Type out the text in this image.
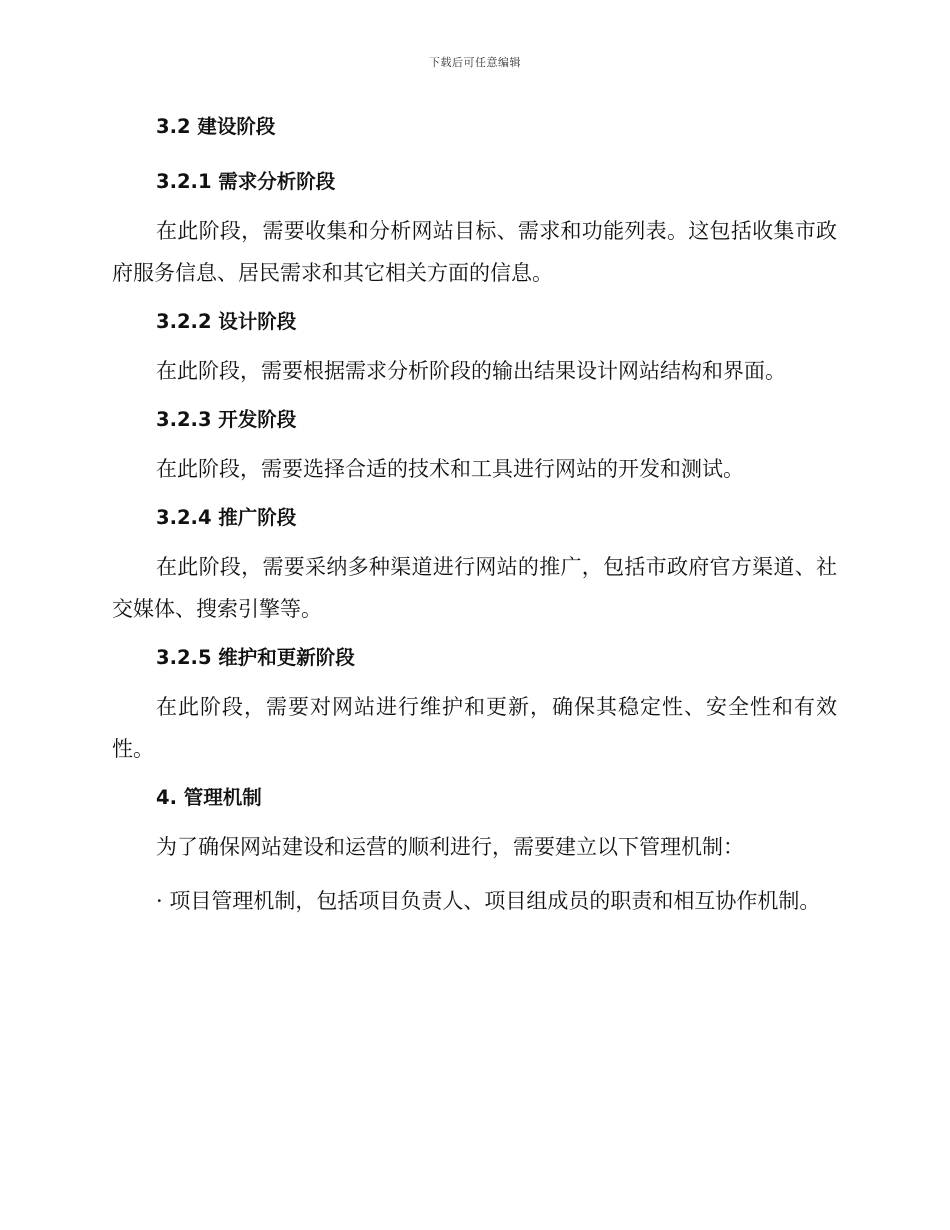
下载后可任意编辑
3.2 建设阶段
3.2.1 需求分析阶段

在此阶段，需要收集和分析网站目标、需求和功能列表。这包括收集市政府服务信息、居民需求和其它相关方面的信息。

3.2.2 设计阶段

在此阶段，需要根据需求分析阶段的输出结果设计网站结构和界面。

3.2.3 开发阶段

在此阶段，需要选择合适的技术和工具进行网站的开发和测试。

3.2.4 推广阶段

在此阶段，需要采纳多种渠道进行网站的推广，包括市政府官方渠道、社交媒体、搜索引擎等。

3.2.5 维护和更新阶段

在此阶段，需要对网站进行维护和更新，确保其稳定性、安全性和有效性。

4. 管理机制

为了确保网站建设和运营的顺利进行，需要建立以下管理机制：

· 项目管理机制，包括项目负责人、项目组成员的职责和相互协作机制。
